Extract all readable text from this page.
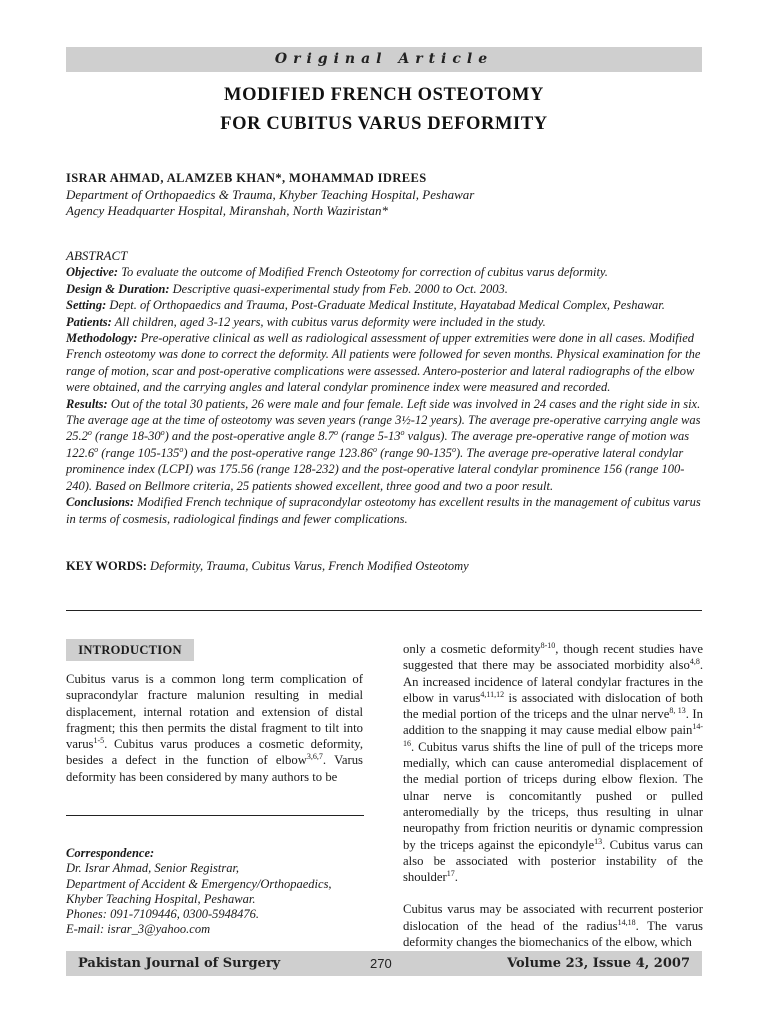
Original Article
MODIFIED FRENCH OSTEOTOMY
FOR CUBITUS VARUS DEFORMITY
ISRAR AHMAD, ALAMZEB KHAN*, MOHAMMAD IDREES
Department of Orthopaedics & Trauma, Khyber Teaching Hospital, Peshawar
Agency Headquarter Hospital, Miranshah, North Waziristan*
ABSTRACT
Objective: To evaluate the outcome of Modified French Osteotomy for correction of cubitus varus deformity.
Design & Duration: Descriptive quasi-experimental study from Feb. 2000 to Oct. 2003.
Setting: Dept. of Orthopaedics and Trauma, Post-Graduate Medical Institute, Hayatabad Medical Complex, Peshawar.
Patients: All children, aged 3-12 years, with cubitus varus deformity were included in the study.
Methodology: Pre-operative clinical as well as radiological assessment of upper extremities were done in all cases. Modified French osteotomy was done to correct the deformity. All patients were followed for seven months. Physical examination for the range of motion, scar and post-operative complications were assessed. Antero-posterior and lateral radiographs of the elbow were obtained, and the carrying angles and lateral condylar prominence index were measured and recorded.
Results: Out of the total 30 patients, 26 were male and four female. Left side was involved in 24 cases and the right side in six. The average age at the time of osteotomy was seven years (range 3½-12 years). The average pre-operative carrying angle was 25.2$^o$ (range 18-30$^o$) and the post-operative angle 8.7$^o$ (range 5-13$^o$ valgus). The average pre-operative range of motion was 122.6$^o$ (range 105-135$^o$) and the post-operative range 123.86$^o$ (range 90-135$^o$). The average pre-operative lateral condylar prominence index (LCPI) was 175.56 (range 128-232) and the post-operative lateral condylar prominence 156 (range 100-240). Based on Bellmore criteria, 25 patients showed excellent, three good and two a poor result.
Conclusions: Modified French technique of supracondylar osteotomy has excellent results in the management of cubitus varus in terms of cosmesis, radiological findings and fewer complications.
KEY WORDS: Deformity, Trauma, Cubitus Varus, French Modified Osteotomy
INTRODUCTION

Cubitus varus is a common long term complication of supracondylar fracture malunion resulting in medial displacement, internal rotation and extension of distal fragment; this then permits the distal fragment to tilt into varus$^{1-5}$. Cubitus varus produces a cosmetic deformity, besides a defect in the function of elbow$^{3,6,7}$. Varus deformity has been considered by many authors to be

Correspondence:
Dr. Israr Ahmad, Senior Registrar,
Department of Accident & Emergency/Orthopaedics,
Khyber Teaching Hospital, Peshawar.
Phones: 091-7109446, 0300-5948476.
E-mail: israr_3@yahoo.com

only a cosmetic deformity$^{8-10}$, though recent studies have suggested that there may be associated morbidity also$^{4,8}$. An increased incidence of lateral condylar fractures in the elbow in varus$^{4,11,12}$ is associated with dislocation of both the medial portion of the triceps and the ulnar nerve$^{8, 13}$. In addition to the snapping it may cause medial elbow pain$^{14-16}$. Cubitus varus shifts the line of pull of the triceps more medially, which can cause anteromedial displacement of the medial portion of triceps during elbow flexion. The ulnar nerve is concomitantly pushed or pulled anteromedially by the triceps, thus resulting in ulnar neuropathy from friction neuritis or dynamic compression by the triceps against the epicondyle$^{13}$. Cubitus varus can also be associated with posterior instability of the shoulder$^{17}$.

Cubitus varus may be associated with recurrent posterior dislocation of the head of the radius$^{14,18}$. The varus deformity changes the biomechanics of the elbow, which

Pakistan Journal of Surgery	270	Volume 23, Issue 4, 2007
